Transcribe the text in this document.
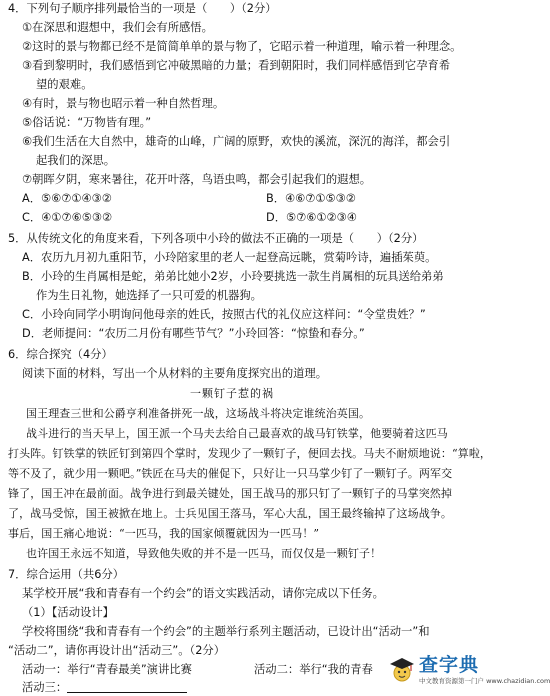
4．下列句子顺序排列最恰当的一项是（　　）（2分）
①在深思和遐想中，我们会有所感悟。
②这时的景与物都已经不是简简单单的景与物了，它昭示着一种道理，喻示着一种理念。
③看到黎明时，我们感悟到它冲破黑暗的力量；看到朝阳时，我们同样感悟到它孕育希
望的艰难。
④有时，景与物也昭示着一种自然哲理。
⑤俗话说：“万物皆有理。”
⑥我们生活在大自然中，雄奇的山峰，广阔的原野，欢快的溪流，深沉的海洋，都会引
起我们的深思。
⑦朝晖夕阴，寒来暑往，花开叶落，鸟语虫鸣，都会引起我们的遐想。
A．⑤⑥⑦①④③②	B．④⑥⑦①⑤③②
C．④①⑦⑥⑤③②	D．⑤⑦⑥①②③④
5．从传统文化的角度来看，下列各项中小玲的做法不正确的一项是（　　）（2分）
A．农历九月初九重阳节，小玲陪家里的老人一起登高远眺，赏菊吟诗，遍插茱萸。
B．小玲的生肖属相是蛇，弟弟比她小2岁，小玲要挑选一款生肖属相的玩具送给弟弟
作为生日礼物，她选择了一只可爱的机器狗。
C．小玲向同学小明询问他母亲的姓氏，按照古代的礼仪应这样问：“令堂贵姓？”
D．老师提问：“农历二月份有哪些节气？”小玲回答：“惊蛰和春分。”
6．综合探究（4分）
阅读下面的材料，写出一个从材料的主要角度探究出的道理。
一颗钉子惹的祸
国王理查三世和公爵亨利准备拼死一战，这场战斗将决定谁统治英国。
战斗进行的当天早上，国王派一个马夫去给自己最喜欢的战马钉铁掌，他要骑着这匹马
打头阵。钉铁掌的铁匠钉到第四个掌时，发现少了一颗钉子，便回去找。马夫不耐烦地说：“算啦，
等不及了，就少用一颗吧。”铁匠在马夫的催促下，只好让一只马掌少钉了一颗钉子。两军交
锋了，国王冲在最前面。战争进行到最关键处，国王战马的那只钉了一颗钉子的马掌突然掉
了，战马受惊，国王被掀在地上。士兵见国王落马，军心大乱，国王最终输掉了这场战争。
事后，国王痛心地说：“一匹马，我的国家倾覆就因为一匹马！”
也许国王永远不知道，导致他失败的并不是一匹马，而仅仅是一颗钉子！
7．综合运用（共6分）
某学校开展“我和青春有一个约会”的语文实践活动，请你完成以下任务。
（1）【活动设计】
学校将围绕“我和青春有一个约会”的主题举行系列主题活动，已设计出“活动一”和
“活动二”，请你再设计出“活动三”。（2分）
活动一：举行“青春最美”演讲比赛	活动二：举行“我的青春
活动三：
查字典
中文教育资源第一门户 www.chazidian.com
